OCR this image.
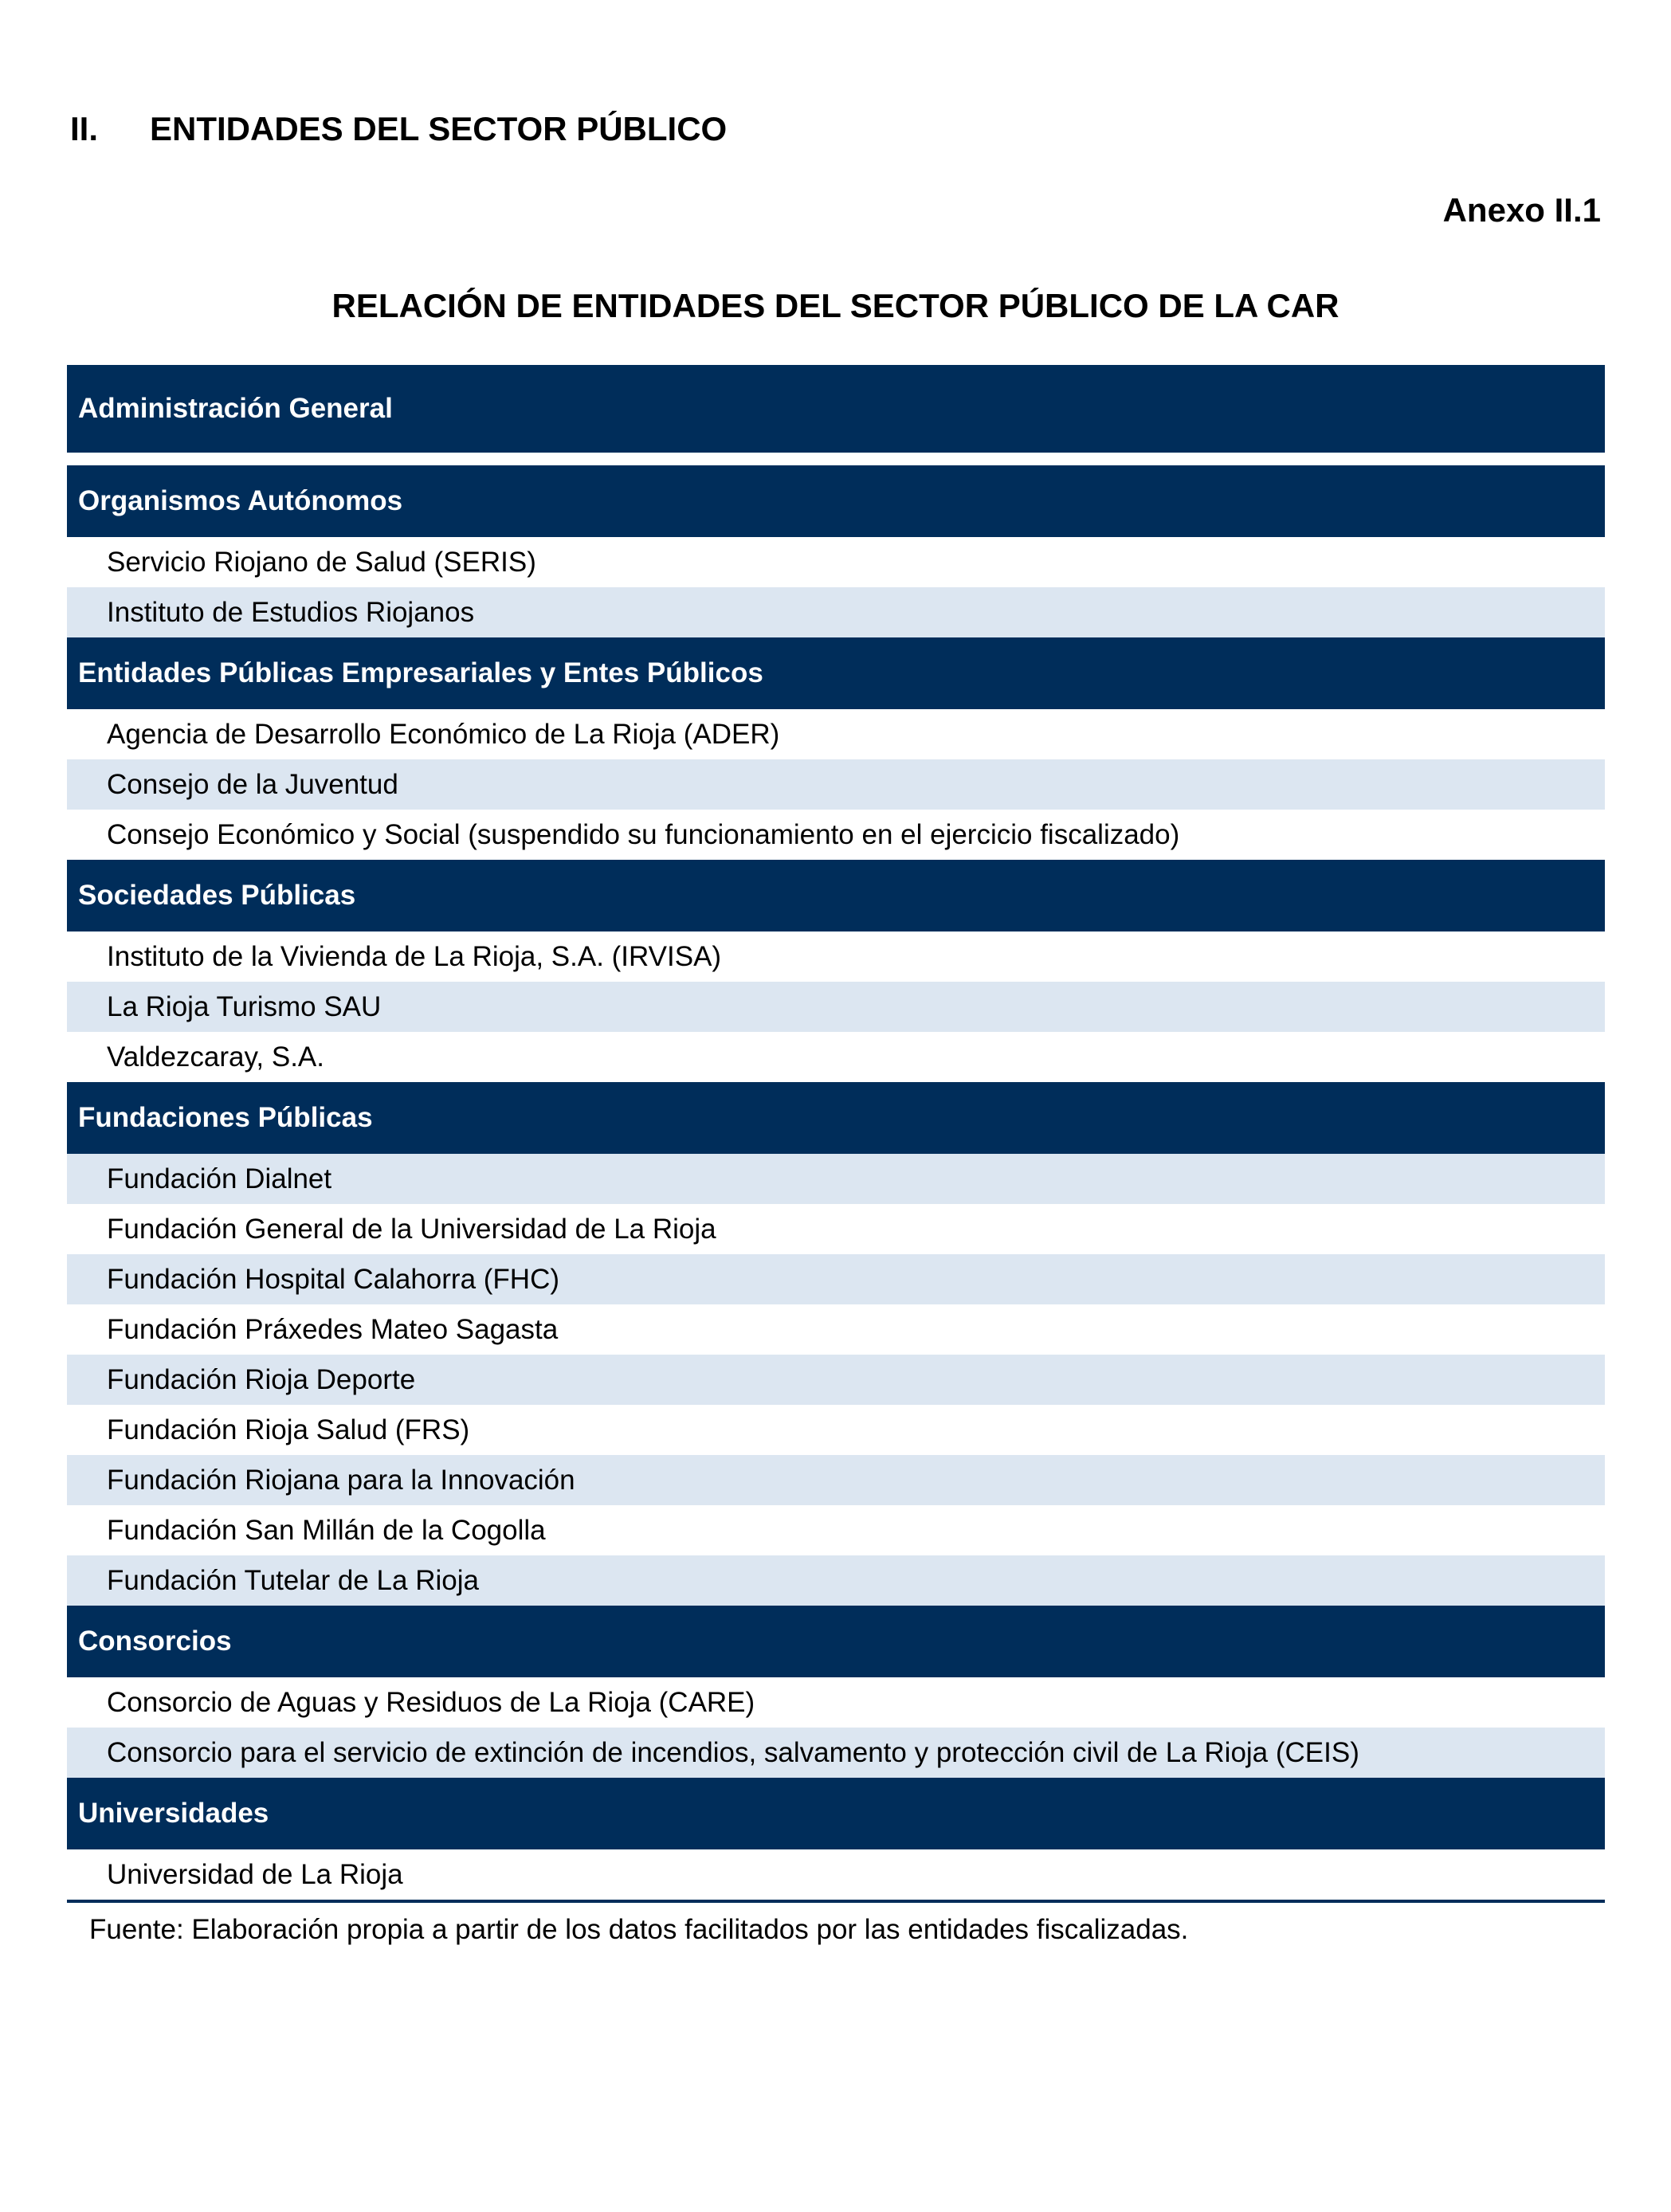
II. ENTIDADES DEL SECTOR PÚBLICO
Anexo II.1
RELACIÓN DE ENTIDADES DEL SECTOR PÚBLICO DE LA CAR
Administración General
Organismos Autónomos
Servicio Riojano de Salud (SERIS)
Instituto de Estudios Riojanos
Entidades Públicas Empresariales y Entes Públicos
Agencia de Desarrollo Económico de La Rioja (ADER)
Consejo de la Juventud
Consejo Económico y Social (suspendido su funcionamiento en el ejercicio fiscalizado)
Sociedades Públicas
Instituto de la Vivienda de La Rioja, S.A. (IRVISA)
La Rioja Turismo SAU
Valdezcaray, S.A.
Fundaciones Públicas
Fundación Dialnet
Fundación General de la Universidad de La Rioja
Fundación Hospital Calahorra (FHC)
Fundación Práxedes Mateo Sagasta
Fundación Rioja Deporte
Fundación Rioja Salud (FRS)
Fundación Riojana para la Innovación
Fundación San Millán de la Cogolla
Fundación Tutelar de La Rioja
Consorcios
Consorcio de Aguas y Residuos de La Rioja (CARE)
Consorcio para el servicio de extinción de incendios, salvamento y protección civil de La Rioja (CEIS)
Universidades
Universidad de La Rioja
Fuente: Elaboración propia a partir de los datos facilitados por las entidades fiscalizadas.
